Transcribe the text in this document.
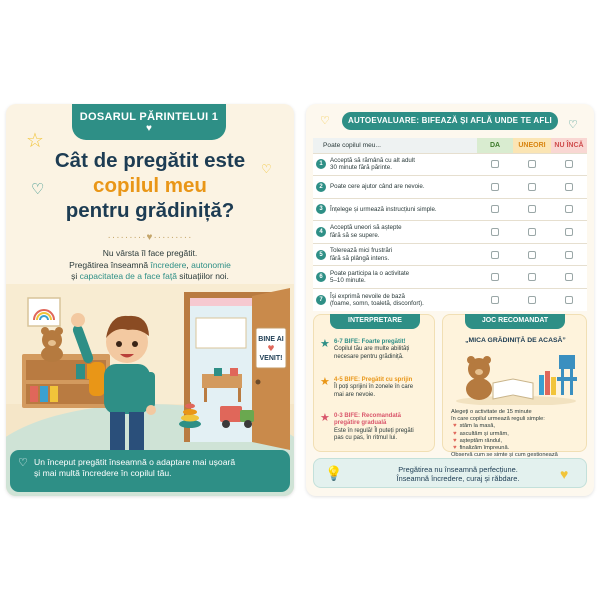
DOSARUL PĂRINTELUI 1
♥
☆
♡
♡
Cât de pregătit este
copilul meu
pentru grădiniță?
·········♥·········
Nu vârsta îl face pregătit.
Pregătirea înseamnă încredere, autonomie
și capacitatea de a face față situațiilor noi.
BINE AI
VENIT!
♥
♡ Un început pregătit înseamnă o adaptare mai ușoară
și mai multă încredere în copilul tău.
♡	♡
AUTOEVALUARE: BIFEAZĂ ȘI AFLĂ UNDE TE AFLI
Poate copilul meu...	DA	UNEORI	NU ÎNCĂ

1
Acceptă să rămână cu alt adult
30 minute fără părinte.			

2 Poate cere ajutor când are nevoie.			

3 Înțelege și urmează instrucțiuni simple.			

4
Acceptă uneori să aștepte
fără să se supere.			

5
Tolerează mici frustrări
fără să plângă intens.			

6
Poate participa la o activitate
5–10 minute.			

7
Își exprimă nevoile de bază
(foame, somn, toaletă, disconfort).			

INTERPRETARE
★ 6-7 BIFE: Foarte pregătit!
Copilul tău are multe abilități
necesare pentru grădiniță.
★ 4-5 BIFE: Pregătit cu sprijin
Îl poți sprijini în zonele în care
mai are nevoie.
★ 0-3 BIFE: Recomandată
pregătire graduală
Este în regulă! Îl puteți pregăti
pas cu pas, în ritmul lui.
JOC RECOMANDAT
„MICA GRĂDINIȚĂ DE ACASĂ”
Alegeți o activitate de 15 minute
în care copilul urmează reguli simple:
♥ stăm la masă,
♥ ascultăm și urmăm,
♥ așteptăm rândul,
♥ finalizăm împreună.
Observă cum se simte și cum gestionează
💡	Pregătirea nu înseamnă perfecțiune.
Înseamnă încredere, curaj și răbdare.	♥
